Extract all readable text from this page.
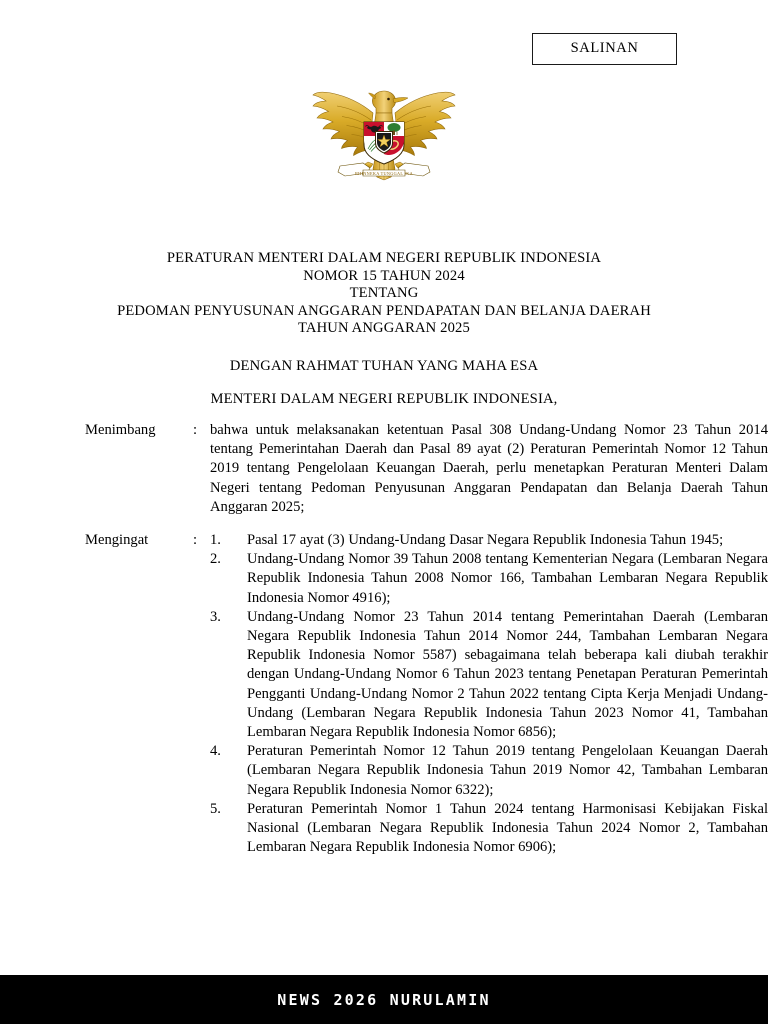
SALINAN
BHINNEKA TUNGGAL IKA
PERATURAN MENTERI DALAM NEGERI REPUBLIK INDONESIA
NOMOR 15 TAHUN 2024
TENTANG
PEDOMAN PENYUSUNAN ANGGARAN PENDAPATAN DAN BELANJA DAERAH
TAHUN ANGGARAN 2025
DENGAN RAHMAT TUHAN YANG MAHA ESA
MENTERI DALAM NEGERI REPUBLIK INDONESIA,
Menimbang	: bahwa untuk melaksanakan ketentuan Pasal 308 Undang-Undang Nomor 23 Tahun 2014 tentang Pemerintahan Daerah dan Pasal 89 ayat (2) Peraturan Pemerintah Nomor 12 Tahun 2019 tentang Pengelolaan Keuangan Daerah, perlu menetapkan Peraturan Menteri Dalam Negeri tentang Pedoman Penyusunan Anggaran Pendapatan dan Belanja Daerah Tahun Anggaran 2025;
Mengingat	: 1.	Pasal 17 ayat (3) Undang-Undang Dasar Negara Republik Indonesia Tahun 1945;
2.	Undang-Undang Nomor 39 Tahun 2008 tentang Kementerian Negara (Lembaran Negara Republik Indonesia Tahun 2008 Nomor 166, Tambahan Lembaran Negara Republik Indonesia Nomor 4916);
3.	Undang-Undang Nomor 23 Tahun 2014 tentang Pemerintahan Daerah (Lembaran Negara Republik Indonesia Tahun 2014 Nomor 244, Tambahan Lembaran Negara Republik Indonesia Nomor 5587) sebagaimana telah beberapa kali diubah terakhir dengan Undang-Undang Nomor 6 Tahun 2023 tentang Penetapan Peraturan Pemerintah Pengganti Undang-Undang Nomor 2 Tahun 2022 tentang Cipta Kerja Menjadi Undang-Undang (Lembaran Negara Republik Indonesia Tahun 2023 Nomor 41, Tambahan Lembaran Negara Republik Indonesia Nomor 6856);
4.	Peraturan Pemerintah Nomor 12 Tahun 2019 tentang Pengelolaan Keuangan Daerah (Lembaran Negara Republik Indonesia Tahun 2019 Nomor 42, Tambahan Lembaran Negara Republik Indonesia Nomor 6322);
5.	Peraturan Pemerintah Nomor 1 Tahun 2024 tentang Harmonisasi Kebijakan Fiskal Nasional (Lembaran Negara Republik Indonesia Tahun 2024 Nomor 2, Tambahan Lembaran Negara Republik Indonesia Nomor 6906);
NEWS 2026 NURULAMIN
